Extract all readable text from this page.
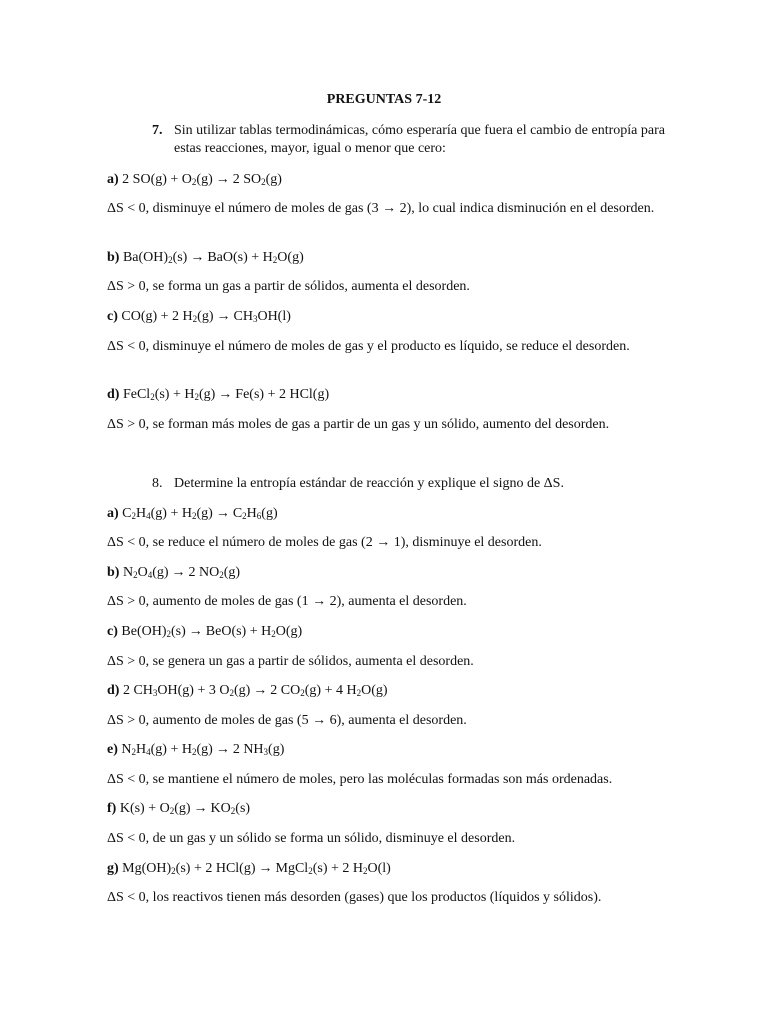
PREGUNTAS 7-12
7. Sin utilizar tablas termodinámicas, cómo esperaría que fuera el cambio de entropía para estas reacciones, mayor, igual o menor que cero:
a) 2 $SO(g) + O_2(g) \to 2$ $SO_2(g)$
ΔS < 0, disminuye el número de moles de gas (3 → 2), lo cual indica disminución en el desorden.
b) $Ba(OH)_2(s) \to BaO(s) + H_2O(g)$
ΔS > 0, se forma un gas a partir de sólidos, aumenta el desorden.
c) CO(g) + 2 $H_2(g) \to CH_3OH(l)$
ΔS < 0, disminuye el número de moles de gas y el producto es líquido, se reduce el desorden.
d) FeCl$_2$(s) + $H_2(g) \to Fe(s) + 2$ HCl(g)
ΔS > 0, se forman más moles de gas a partir de un gas y un sólido, aumento del desorden.
8. Determine la entropía estándar de reacción y explique el signo de ΔS.
a) $C_2H_4(g) + H_2(g) \to C_2H_6(g)$
ΔS < 0, se reduce el número de moles de gas (2 → 1), disminuye el desorden.
b) $N_2O_4(g) \to 2$ $NO_2(g)$
ΔS > 0, aumento de moles de gas (1 → 2), aumenta el desorden.
c) $Be(OH)_2(s) \to BeO(s) + H_2O(g)$
ΔS > 0, se genera un gas a partir de sólidos, aumenta el desorden.
d) 2 $CH_3OH(g) + 3$ $O_2(g) \to 2$ $CO_2(g) + 4$ $H_2O(g)$
ΔS > 0, aumento de moles de gas (5 → 6), aumenta el desorden.
e) $N_2H_4(g) + H_2(g) \to 2$ $NH_3(g)$
ΔS < 0, se mantiene el número de moles, pero las moléculas formadas son más ordenadas.
f) $K(s) + O_2(g) \to KO_2(s)$
ΔS < 0, de un gas y un sólido se forma un sólido, disminuye el desorden.
g) $Mg(OH)_2(s) + 2$ HCl(g) → MgCl$_2$(s) + 2 $H_2O(l)$
ΔS < 0, los reactivos tienen más desorden (gases) que los productos (líquidos y sólidos).
